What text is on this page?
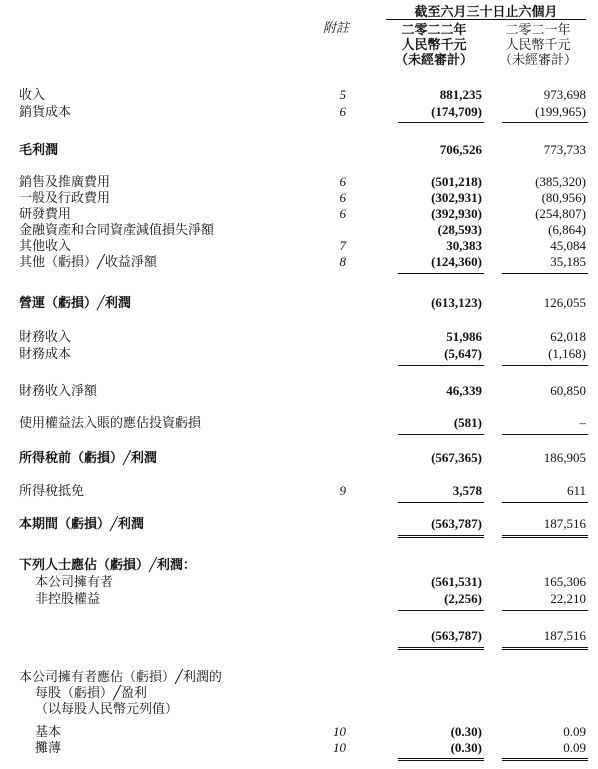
附註
截至六月三十日止六個月
二零二二年
人民幣千元
（未經審計）
二零二一年
人民幣千元
（未經審計）
收入	5	881,235	973,698
銷貨成本	6	(174,709)	(199,965)
毛利潤	706,526	773,733
銷售及推廣費用	6	(501,218)	(385,320)
一般及行政費用	6	(302,931)	(80,956)
研發費用	6	(392,930)	(254,807)
金融資產和合同資產減值損失淨額	(28,593)	(6,864)
其他收入	7	30,383	45,084
其他（虧損）╱收益淨額	8	(124,360)	35,185
營運（虧損）╱利潤	(613,123)	126,055
財務收入	51,986	62,018
財務成本	(5,647)	(1,168)
財務收入淨額	46,339	60,850
使用權益法入賬的應佔投資虧損	(581)	–
所得稅前（虧損）╱利潤	(567,365)	186,905
所得稅抵免	9	3,578	611
本期間（虧損）╱利潤	(563,787)	187,516
下列人士應佔（虧損）╱利潤：
本公司擁有者	(561,531)	165,306
非控股權益	(2,256)	22,210
(563,787)	187,516
本公司擁有者應佔（虧損）╱利潤的
每股（虧損）╱盈利
（以每股人民幣元列值）
基本	10	(0.30)	0.09
攤薄	10	(0.30)	0.09
